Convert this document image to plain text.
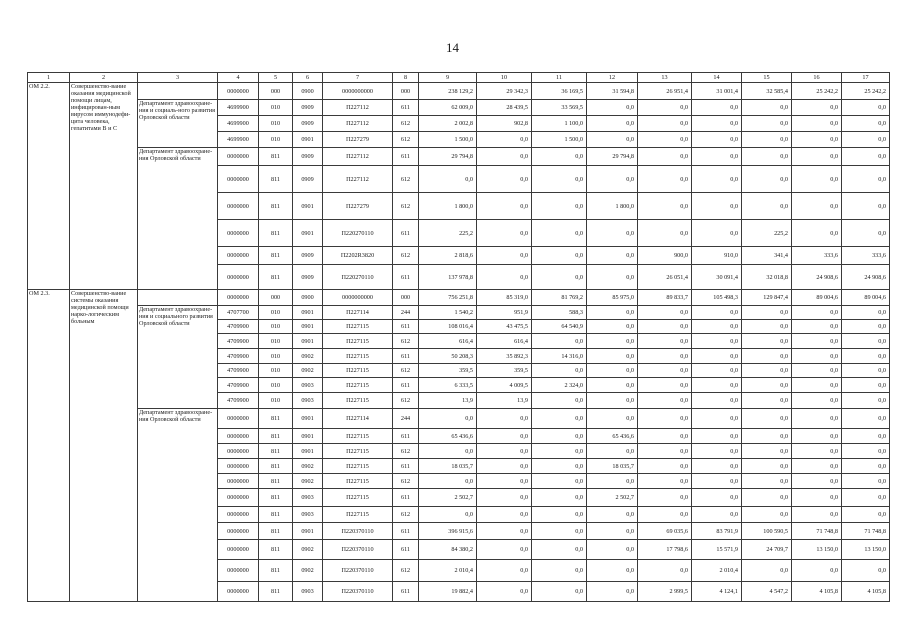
14
1	2	3	4	5	6	7	8	9	10	11	12	13	14	15	16	17
ОМ 2.2.	Совершенство-вание оказания медицинской помощи лицам, инфицирован-ным вирусом иммунодефи-цита человека, гепатитами В и С		0000000	000	0900	0000000000	000	238 129,2	29 342,3	36 169,5	31 594,8	26 951,4	31 001,4	32 585,4	25 242,2	25 242,2
		Департамент здравоохране-ния и социаль-ного развития Орловской области	4699900	010	0909	П227112	611	62 009,0	28 439,5	33 569,5	0,0	0,0	0,0	0,0	0,0	0,0
			4699900	010	0909	П227112	612	2 002,8	902,8	1 100,0	0,0	0,0	0,0	0,0	0,0	0,0
			4699900	010	0901	П227279	612	1 500,0	0,0	1 500,0	0,0	0,0	0,0	0,0	0,0	0,0
		Департамент здравоохране-ния Орловской области	0000000	811	0909	П227112	611	29 794,8	0,0	0,0	29 794,8	0,0	0,0	0,0	0,0	0,0
			0000000	811	0909	П227112	612	0,0	0,0	0,0	0,0	0,0	0,0	0,0	0,0	0,0
			0000000	811	0901	П227279	612	1 800,0	0,0	0,0	1 800,0	0,0	0,0	0,0	0,0	0,0
			0000000	811	0901	П220270110	611	225,2	0,0	0,0	0,0	0,0	0,0	225,2	0,0	0,0
			0000000	811	0909	П2202R3820	612	2 818,6	0,0	0,0	0,0	900,0	910,0	341,4	333,6	333,6
			0000000	811	0909	П220270110	611	137 978,8	0,0	0,0	0,0	26 051,4	30 091,4	32 018,8	24 908,6	24 908,6
ОМ 2.3.	Совершенство-вание системы оказания медицинской помощи нарко-логическим больным		0000000	000	0900	0000000000	000	756 251,8	85 319,0	81 769,2	85 975,0	89 833,7	105 498,3	129 847,4	89 004,6	89 004,6
		Департамент здравоохране-ния и социального развития Орловской области	4707700	010	0901	П227114	244	1 540,2	951,9	588,3	0,0	0,0	0,0	0,0	0,0	0,0
			4709900	010	0901	П227115	611	108 016,4	43 475,5	64 540,9	0,0	0,0	0,0	0,0	0,0	0,0
			4709900	010	0901	П227115	612	616,4	616,4	0,0	0,0	0,0	0,0	0,0	0,0	0,0
			4709900	010	0902	П227115	611	50 208,3	35 892,3	14 316,0	0,0	0,0	0,0	0,0	0,0	0,0
			4709900	010	0902	П227115	612	359,5	359,5	0,0	0,0	0,0	0,0	0,0	0,0	0,0
			4709900	010	0903	П227115	611	6 333,5	4 009,5	2 324,0	0,0	0,0	0,0	0,0	0,0	0,0
			4709900	010	0903	П227115	612	13,9	13,9	0,0	0,0	0,0	0,0	0,0	0,0	0,0
		Департамент здравоохране-ния Орловской области	0000000	811	0901	П227114	244	0,0	0,0	0,0	0,0	0,0	0,0	0,0	0,0	0,0
			0000000	811	0901	П227115	611	65 436,6	0,0	0,0	65 436,6	0,0	0,0	0,0	0,0	0,0
			0000000	811	0901	П227115	612	0,0	0,0	0,0	0,0	0,0	0,0	0,0	0,0	0,0
			0000000	811	0902	П227115	611	18 035,7	0,0	0,0	18 035,7	0,0	0,0	0,0	0,0	0,0
			0000000	811	0902	П227115	612	0,0	0,0	0,0	0,0	0,0	0,0	0,0	0,0	0,0
			0000000	811	0903	П227115	611	2 502,7	0,0	0,0	2 502,7	0,0	0,0	0,0	0,0	0,0
			0000000	811	0903	П227115	612	0,0	0,0	0,0	0,0	0,0	0,0	0,0	0,0	0,0
			0000000	811	0901	П220370110	611	396 915,6	0,0	0,0	0,0	69 035,6	83 791,9	100 590,5	71 748,8	71 748,8
			0000000	811	0902	П220370110	611	84 380,2	0,0	0,0	0,0	17 798,6	15 571,9	24 709,7	13 150,0	13 150,0
			0000000	811	0902	П220370110	612	2 010,4	0,0	0,0	0,0	0,0	2 010,4	0,0	0,0	0,0
			0000000	811	0903	П220370110	611	19 882,4	0,0	0,0	0,0	2 999,5	4 124,1	4 547,2	4 105,8	4 105,8
